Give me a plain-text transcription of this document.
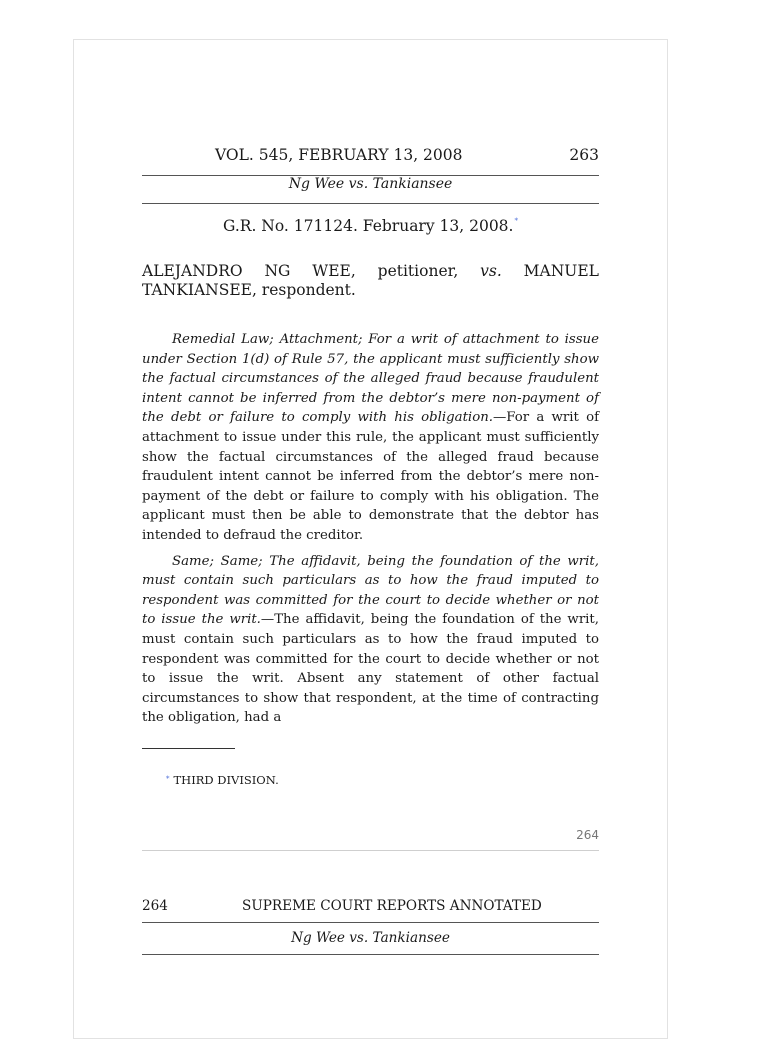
VOL. 545, FEBRUARY 13, 2008	263
Ng Wee vs. Tankiansee
G.R. No. 171124. February 13, 2008.*
ALEJANDRO NG WEE, petitioner, vs. MANUEL
TANKIANSEE, respondent.

Remedial Law; Attachment; For a writ of attachment to issue under Section 1(d) of Rule 57, the applicant must sufficiently show the factual circumstances of the alleged fraud because fraudulent intent cannot be inferred from the debtor’s mere non-payment of the debt or failure to comply with his obligation.—For a writ of attachment to issue under this rule, the applicant must sufficiently show the factual circumstances of the alleged fraud because fraudulent intent cannot be inferred from the debtor’s mere non-payment of the debt or failure to comply with his obligation. The applicant must then be able to demonstrate that the debtor has intended to defraud the creditor.

Same; Same; The affidavit, being the foundation of the writ, must contain such particulars as to how the fraud imputed to respondent was committed for the court to decide whether or not to issue the writ.—The affidavit, being the foundation of the writ, must contain such particulars as to how the fraud imputed to respondent was committed for the court to decide whether or not to issue the writ. Absent any statement of other factual circumstances to show that respondent, at the time of contracting the obligation, had a

* THIRD DIVISION.
264
264	SUPREME COURT REPORTS ANNOTATED
Ng Wee vs. Tankiansee
